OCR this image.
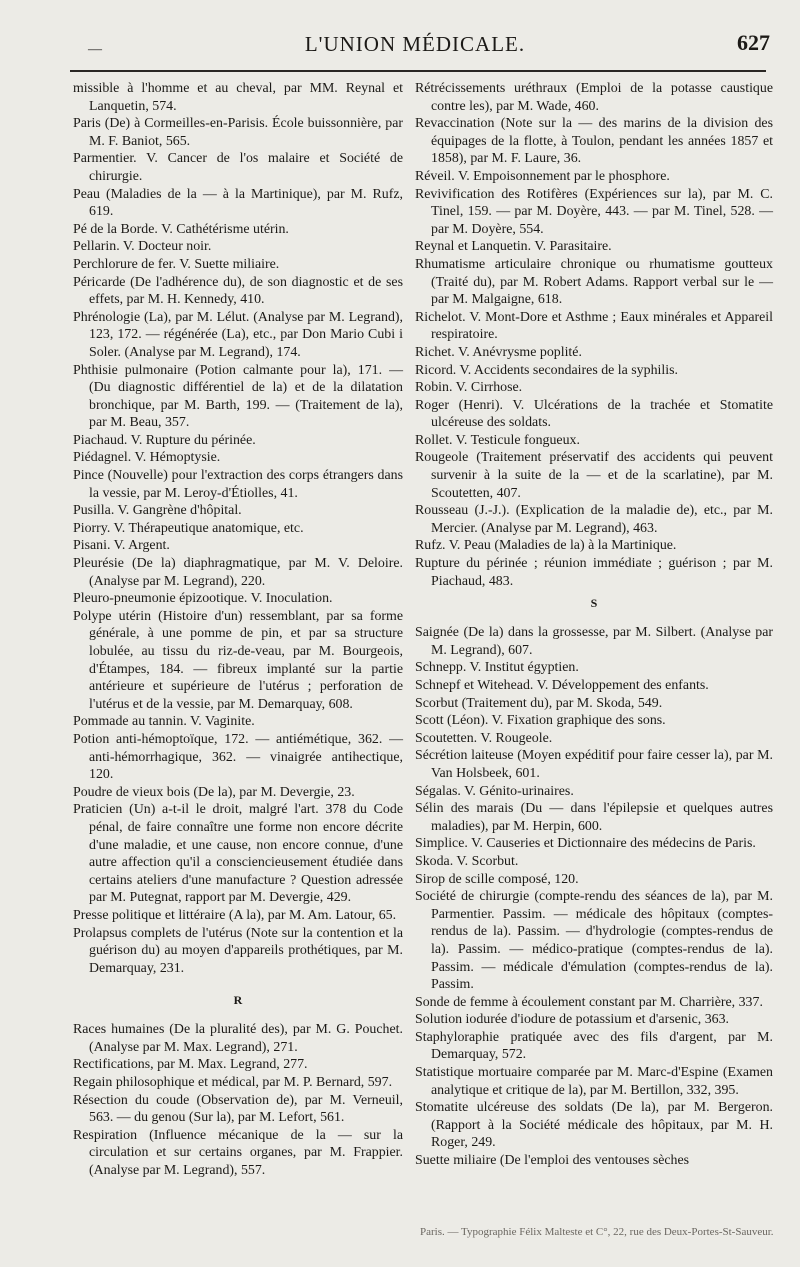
—	L'UNION MÉDICALE.	627
missible à l'homme et au cheval, par MM. Reynal et Lanquetin, 574.
Paris (De) à Cormeilles-en-Parisis. École buissonnière, par M. F. Baniot, 565.
Parmentier. V. Cancer de l'os malaire et Société de chirurgie.
Peau (Maladies de la — à la Martinique), par M. Rufz, 619.
Pé de la Borde. V. Cathétérisme utérin.
Pellarin. V. Docteur noir.
Perchlorure de fer. V. Suette miliaire.
Péricarde (De l'adhérence du), de son diagnostic et de ses effets, par M. H. Kennedy, 410.
Phrénologie (La), par M. Lélut. (Analyse par M. Legrand), 123, 172. — régénérée (La), etc., par Don Mario Cubi i Soler. (Analyse par M. Legrand), 174.
Phthisie pulmonaire (Potion calmante pour la), 171. — (Du diagnostic différentiel de la) et de la dilatation bronchique, par M. Barth, 199. — (Traitement de la), par M. Beau, 357.
Piachaud. V. Rupture du périnée.
Piédagnel. V. Hémoptysie.
Pince (Nouvelle) pour l'extraction des corps étrangers dans la vessie, par M. Leroy-d'Étiolles, 41.
Pusilla. V. Gangrène d'hôpital.
Piorry. V. Thérapeutique anatomique, etc.
Pisani. V. Argent.
Pleurésie (De la) diaphragmatique, par M. V. Deloire. (Analyse par M. Legrand), 220.
Pleuro-pneumonie épizootique. V. Inoculation.
Polype utérin (Histoire d'un) ressemblant, par sa forme générale, à une pomme de pin, et par sa structure lobulée, au tissu du riz-de-veau, par M. Bourgeois, d'Étampes, 184. — fibreux implanté sur la partie antérieure et supérieure de l'utérus ; perforation de l'utérus et de la vessie, par M. Demarquay, 608.
Pommade au tannin. V. Vaginite.
Potion anti-hémoptoïque, 172. — antiémétique, 362. — anti-hémorrhagique, 362. — vinaigrée antihectique, 120.
Poudre de vieux bois (De la), par M. Devergie, 23.
Praticien (Un) a-t-il le droit, malgré l'art. 378 du Code pénal, de faire connaître une forme non encore décrite d'une maladie, et une cause, non encore connue, d'une autre affection qu'il a consciencieusement étudiée dans certains ateliers d'une manufacture ? Question adressée par M. Putegnat, rapport par M. Devergie, 429.
Presse politique et littéraire (A la), par M. Am. Latour, 65.
Prolapsus complets de l'utérus (Note sur la contention et la guérison du) au moyen d'appareils prothétiques, par M. Demarquay, 231.
R
Races humaines (De la pluralité des), par M. G. Pouchet. (Analyse par M. Max. Legrand), 271.
Rectifications, par M. Max. Legrand, 277.
Regain philosophique et médical, par M. P. Bernard, 597.
Résection du coude (Observation de), par M. Verneuil, 563. — du genou (Sur la), par M. Lefort, 561.
Respiration (Influence mécanique de la — sur la circulation et sur certains organes, par M. Frappier. (Analyse par M. Legrand), 557.
Rétrécissements uréthraux (Emploi de la potasse caustique contre les), par M. Wade, 460.
Revaccination (Note sur la — des marins de la division des équipages de la flotte, à Toulon, pendant les années 1857 et 1858), par M. F. Laure, 36.
Réveil. V. Empoisonnement par le phosphore.
Revivification des Rotifères (Expériences sur la), par M. C. Tinel, 159. — par M. Doyère, 443. — par M. Tinel, 528. — par M. Doyère, 554.
Reynal et Lanquetin. V. Parasitaire.
Rhumatisme articulaire chronique ou rhumatisme goutteux (Traité du), par M. Robert Adams. Rapport verbal sur le — par M. Malgaigne, 618.
Richelot. V. Mont-Dore et Asthme ; Eaux minérales et Appareil respiratoire.
Richet. V. Anévrysme poplité.
Ricord. V. Accidents secondaires de la syphilis.
Robin. V. Cirrhose.
Roger (Henri). V. Ulcérations de la trachée et Stomatite ulcéreuse des soldats.
Rollet. V. Testicule fongueux.
Rougeole (Traitement préservatif des accidents qui peuvent survenir à la suite de la — et de la scarlatine), par M. Scoutetten, 407.
Rousseau (J.-J.). (Explication de la maladie de), etc., par M. Mercier. (Analyse par M. Legrand), 463.
Rufz. V. Peau (Maladies de la) à la Martinique.
Rupture du périnée ; réunion immédiate ; guérison ; par M. Piachaud, 483.
S
Saignée (De la) dans la grossesse, par M. Silbert. (Analyse par M. Legrand), 607.
Schnepp. V. Institut égyptien.
Schnepf et Witehead. V. Développement des enfants.
Scorbut (Traitement du), par M. Skoda, 549.
Scott (Léon). V. Fixation graphique des sons.
Scoutetten. V. Rougeole.
Sécrétion laiteuse (Moyen expéditif pour faire cesser la), par M. Van Holsbeek, 601.
Ségalas. V. Génito-urinaires.
Sélin des marais (Du — dans l'épilepsie et quelques autres maladies), par M. Herpin, 600.
Simplice. V. Causeries et Dictionnaire des médecins de Paris.
Skoda. V. Scorbut.
Sirop de scille composé, 120.
Société de chirurgie (compte-rendu des séances de la), par M. Parmentier. Passim. — médicale des hôpitaux (comptes-rendus de la). Passim. — d'hydrologie (comptes-rendus de la). Passim. — médico-pratique (comptes-rendus de la). Passim. — médicale d'émulation (comptes-rendus de la). Passim.
Sonde de femme à écoulement constant par M. Charrière, 337.
Solution iodurée d'iodure de potassium et d'arsenic, 363.
Staphyloraphie pratiquée avec des fils d'argent, par M. Demarquay, 572.
Statistique mortuaire comparée par M. Marc-d'Espine (Examen analytique et critique de la), par M. Bertillon, 332, 395.
Stomatite ulcéreuse des soldats (De la), par M. Bergeron. (Rapport à la Société médicale des hôpitaux, par M. H. Roger, 249.
Suette miliaire (De l'emploi des ventouses sèches
Paris. — Typographie Félix Malteste et C°, 22, rue des Deux-Portes-St-Sauveur.
